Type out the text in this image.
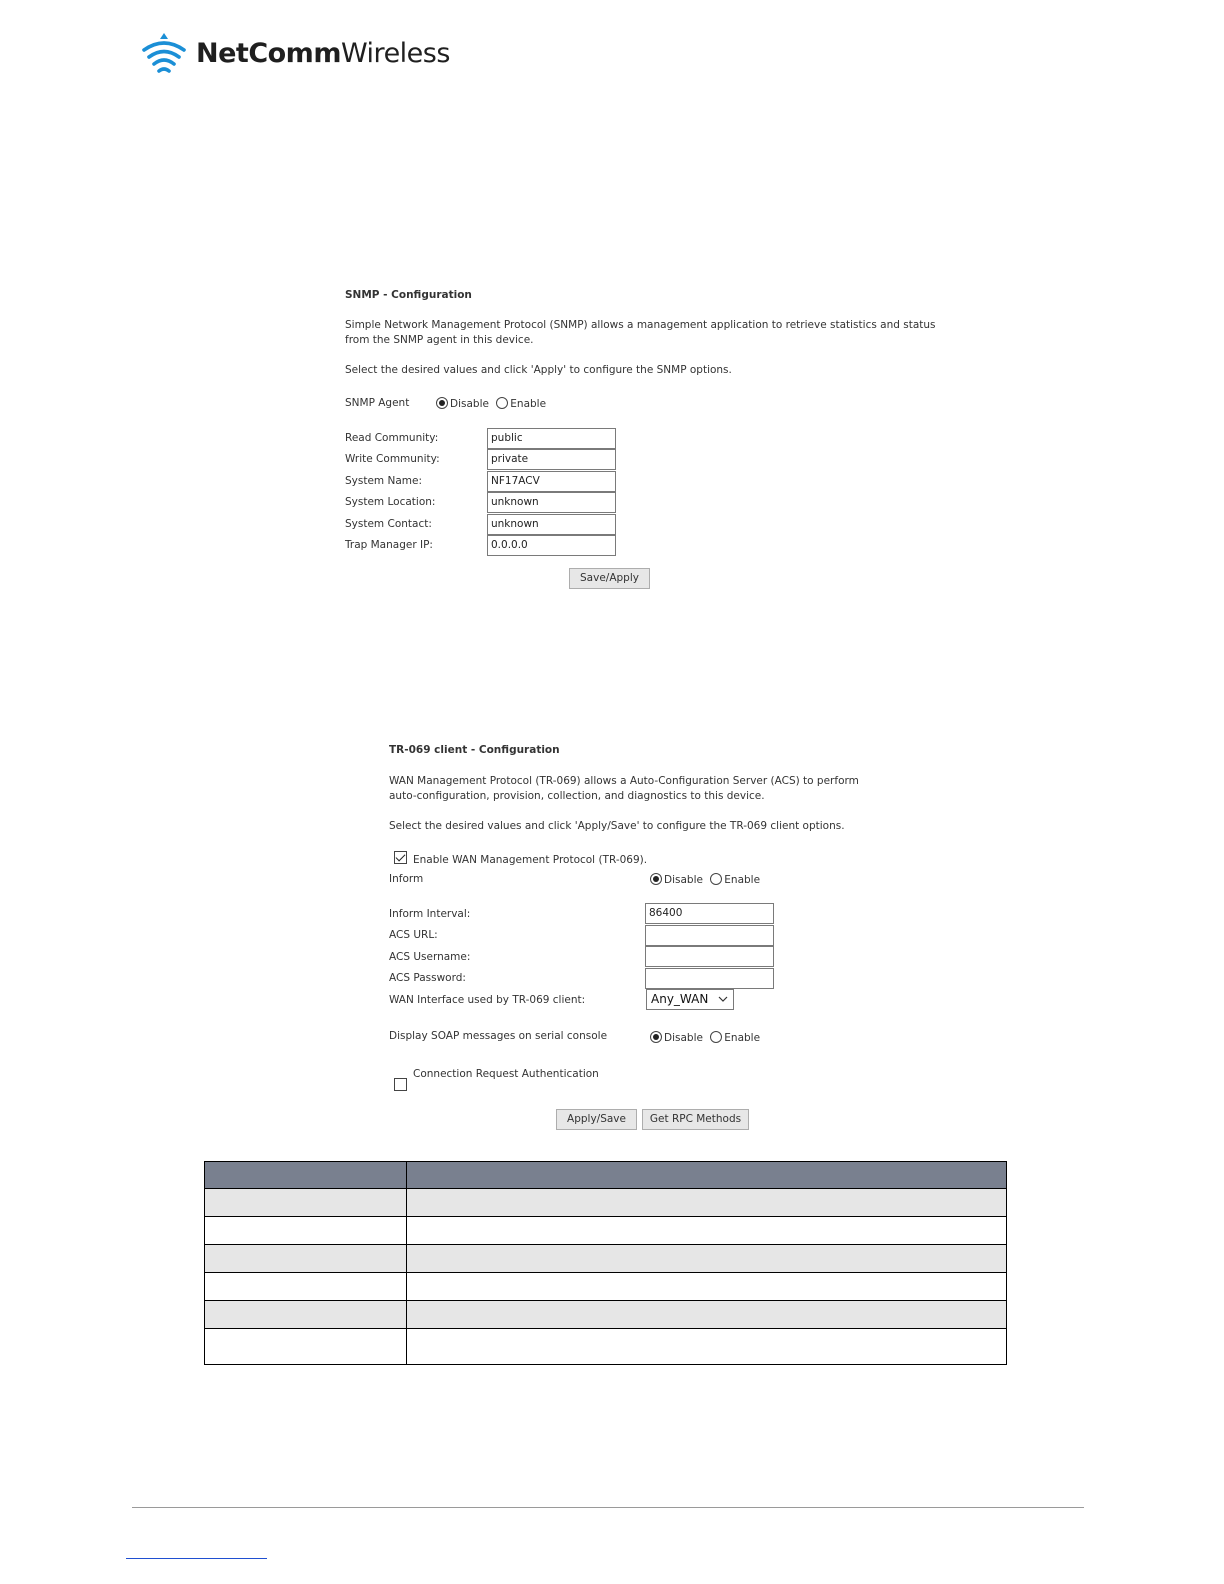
NetCommWireless
SNMP - Configuration
Simple Network Management Protocol (SNMP) allows a management application to retrieve statistics and status
from the SNMP agent in this device.
Select the desired values and click 'Apply' to configure the SNMP options.
SNMP Agent	Disable Enable
Read Community:	public
Write Community:	private
System Name:	NF17ACV
System Location:	unknown
System Contact:	unknown
Trap Manager IP:	0.0.0.0
Save/Apply
TR-069 client - Configuration
WAN Management Protocol (TR-069) allows a Auto-Configuration Server (ACS) to perform
auto-configuration, provision, collection, and diagnostics to this device.
Select the desired values and click 'Apply/Save' to configure the TR-069 client options.
Enable WAN Management Protocol (TR-069).
Inform	Disable Enable
Inform Interval:	86400
ACS URL:
ACS Username:
ACS Password:
WAN Interface used by TR-069 client:	Any_WAN
Display SOAP messages on serial console	Disable Enable
Connection Request Authentication
Apply/Save	Get RPC Methods
